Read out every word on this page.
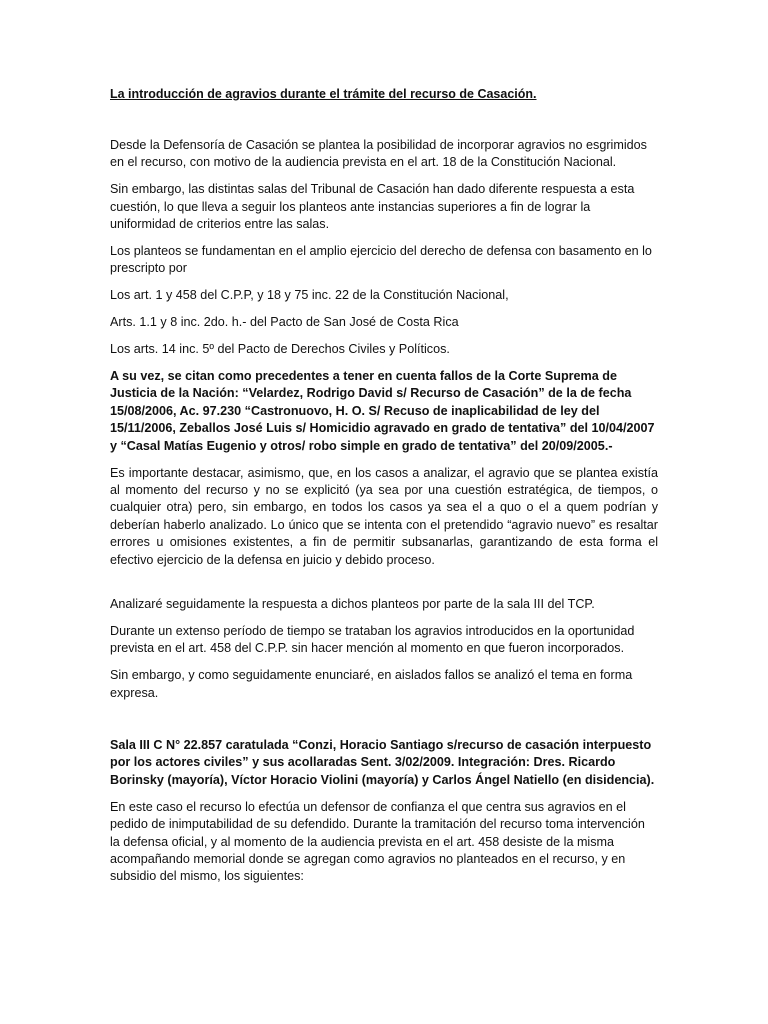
La introducción de agravios durante el trámite del recurso de Casación.

Desde la Defensoría de Casación se plantea la posibilidad de incorporar agravios no esgrimidos en el recurso, con motivo de la audiencia prevista en el art. 18 de la Constitución Nacional.

Sin embargo, las distintas salas del Tribunal de Casación han dado diferente respuesta a esta cuestión, lo que lleva a seguir los planteos ante instancias superiores a fin de lograr la uniformidad de criterios entre las salas.

Los planteos se fundamentan en el amplio ejercicio del derecho de defensa con basamento en lo prescripto por

Los art. 1 y 458 del C.P.P, y 18 y 75 inc. 22 de la Constitución Nacional,

Arts. 1.1 y 8 inc. 2do. h.- del Pacto de San José de Costa Rica

Los arts. 14 inc. 5º del Pacto de Derechos Civiles y Políticos.

A su vez, se citan como precedentes a tener en cuenta fallos de la Corte Suprema de Justicia de la Nación: “Velardez, Rodrigo David s/ Recurso de Casación” de la de fecha 15/08/2006, Ac. 97.230 “Castronuovo, H. O. S/ Recuso de inaplicabilidad de ley del 15/11/2006, Zeballos José Luis s/ Homicidio agravado en grado de tentativa” del 10/04/2007 y “Casal Matías Eugenio y otros/ robo simple en grado de tentativa” del 20/09/2005.-

Es importante destacar, asimismo, que, en los casos a analizar, el agravio que se plantea existía al momento del recurso y no se explicitó (ya sea por una cuestión estratégica, de tiempos, o cualquier otra) pero, sin embargo, en todos los casos ya sea el a quo o el a quem podrían y deberían haberlo analizado. Lo único que se intenta con el pretendido “agravio nuevo” es resaltar errores u omisiones existentes, a fin de permitir subsanarlas, garantizando de esta forma el efectivo ejercicio de la defensa en juicio y debido proceso.

Analizaré seguidamente la respuesta a dichos planteos por parte de la sala III del TCP.

Durante un extenso período de tiempo se trataban los agravios introducidos en la oportunidad prevista en el art. 458 del C.P.P. sin hacer mención al momento en que fueron incorporados.

Sin embargo, y como seguidamente enunciaré, en aislados fallos se analizó el tema en forma expresa.

Sala III C N° 22.857 caratulada “Conzi, Horacio Santiago s/recurso de casación interpuesto por los actores civiles” y sus acollaradas Sent. 3/02/2009. Integración: Dres. Ricardo Borinsky (mayoría), Víctor Horacio Violini (mayoría) y Carlos Ángel Natiello (en disidencia).

En este caso el recurso lo efectúa un defensor de confianza el que centra sus agravios en el pedido de inimputabilidad de su defendido. Durante la tramitación del recurso toma intervención la defensa oficial, y al momento de la audiencia prevista en el art. 458 desiste de la misma acompañando memorial donde se agregan como agravios no planteados en el recurso, y en subsidio del mismo, los siguientes:
